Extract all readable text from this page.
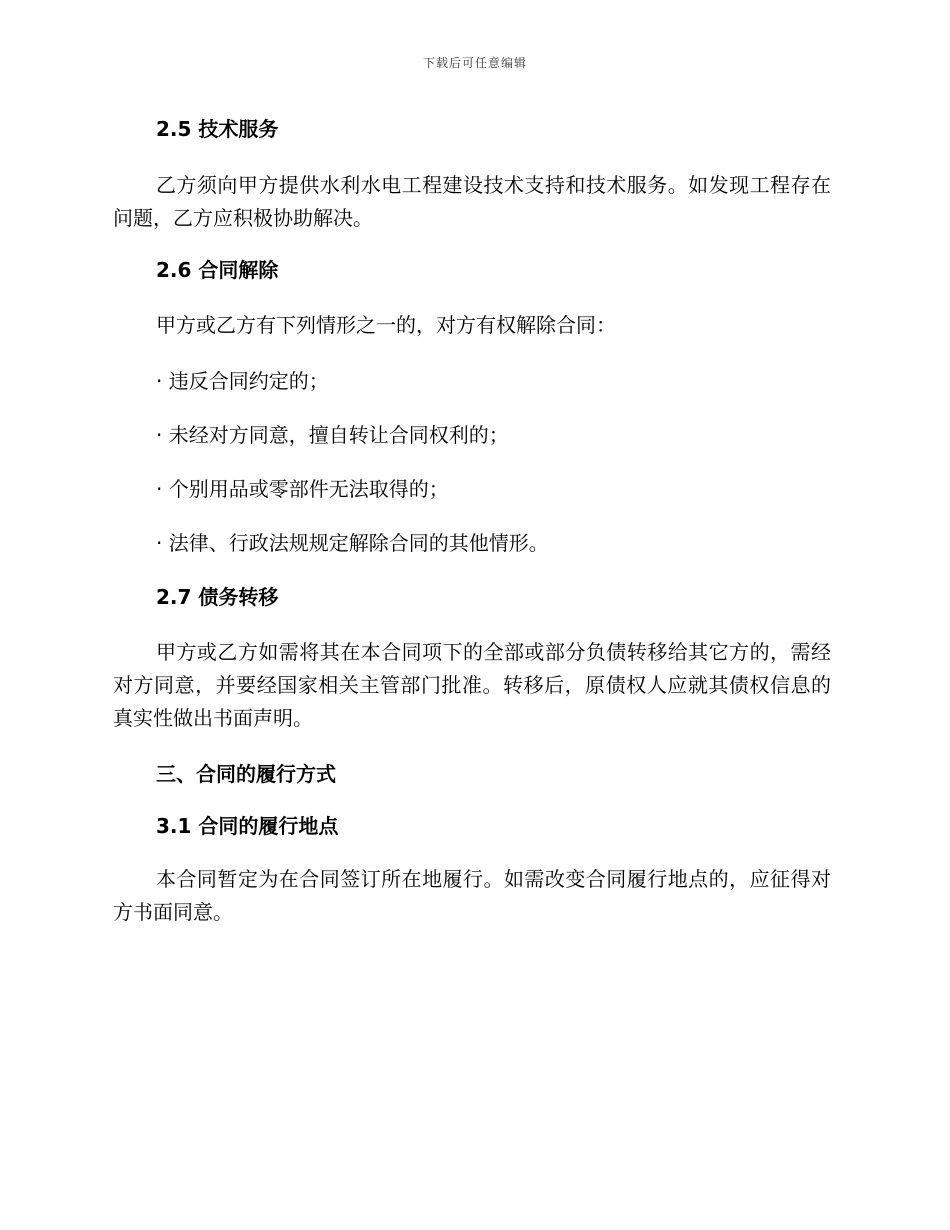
下载后可任意编辑
2.5 技术服务
乙方须向甲方提供水利水电工程建设技术支持和技术服务。如发现工程存在问题，乙方应积极协助解决。
2.6 合同解除
甲方或乙方有下列情形之一的，对方有权解除合同：
· 违反合同约定的；
· 未经对方同意，擅自转让合同权利的；
· 个别用品或零部件无法取得的；
· 法律、行政法规规定解除合同的其他情形。
2.7 债务转移
甲方或乙方如需将其在本合同项下的全部或部分负债转移给其它方的，需经对方同意，并要经国家相关主管部门批准。转移后，原债权人应就其债权信息的真实性做出书面声明。
三、合同的履行方式
3.1 合同的履行地点
本合同暂定为在合同签订所在地履行。如需改变合同履行地点的，应征得对方书面同意。
